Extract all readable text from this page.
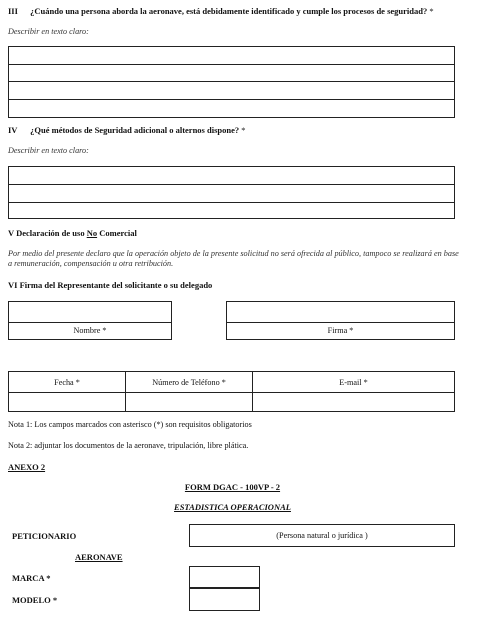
III ¿Cuándo una persona aborda la aeronave, está debidamente identificado y cumple los procesos de seguridad? *
Describir en texto claro:
IV ¿Qué métodos de Seguridad adicional o alternos dispone? *
Describir en texto claro:
V Declaración de uso No Comercial
Por medio del presente declaro que la operación objeto de la presente solicitud no será ofrecida al público, tampoco se realizará en base a remuneración, compensación u otra retribución.
VI Firma del Representante del solicitante o su delegado
Nombre *	Firma *
Fecha *	Número de Teléfono *	E-mail *

Nota 1: Los campos marcados con asterisco (*) son requisitos obligatorios
Nota 2: adjuntar los documentos de la aeronave, tripulación, libre plática.
ANEXO 2
FORM DGAC - 100VP - 2
ESTADISTICA OPERACIONAL
PETICIONARIO	(Persona natural o jurídica )
AERONAVE
MARCA *
MODELO *
